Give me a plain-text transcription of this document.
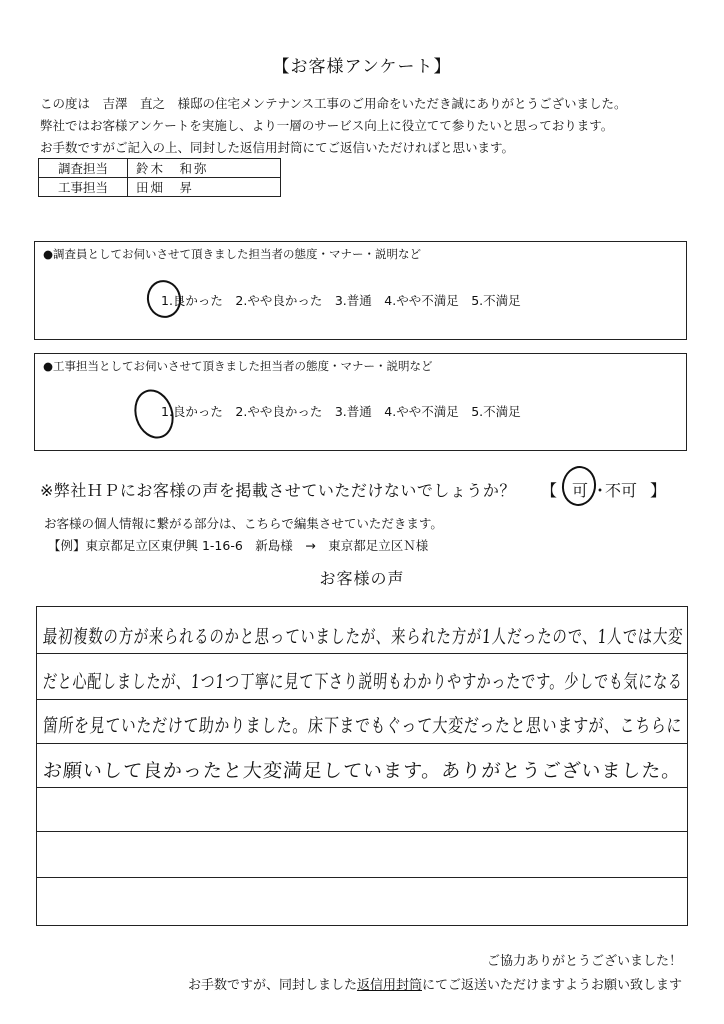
【お客様アンケート】
この度は　吉澤　直之　様邸の住宅メンテナンス工事のご用命をいただき誠にありがとうございました。
弊社ではお客様アンケートを実施し、より一層のサービス向上に役立てて参りたいと思っております。
お手数ですがご記入の上、同封した返信用封筒にてご返信いただければと思います。
調査担当	鈴木　和弥
工事担当	田畑　昇
●調査員としてお伺いさせて頂きました担当者の態度・マナー・説明など
1.良かった　2.やや良かった　3.普通　4.やや不満足　5.不満足
●工事担当としてお伺いさせて頂きました担当者の態度・マナー・説明など
1.良かった　2.やや良かった　3.普通　4.やや不満足　5.不満足
※弊社ＨＰにお客様の声を掲載させていただけないでしょうか？ 【 可 ・
不可 】
お客様の個人情報に繋がる部分は、こちらで編集させていただきます。
【例】東京都足立区東伊興 1-16-6　新島様　→　東京都足立区Ｎ様
お客様の声
最初複数の方が来られるのかと思っていましたが、来られた方が1人だったので、1人では大変
だと心配しましたが、1つ1つ丁寧に見て下さり説明もわかりやすかったです。少しでも気になる
箇所を見ていただけて助かりました。床下までもぐって大変だったと思いますが、こちらに
お願いして良かったと大変満足しています。ありがとうございました。
ご協力ありがとうございました！
お手数ですが、同封しました返信用封筒にてご返送いただけますようお願い致します
